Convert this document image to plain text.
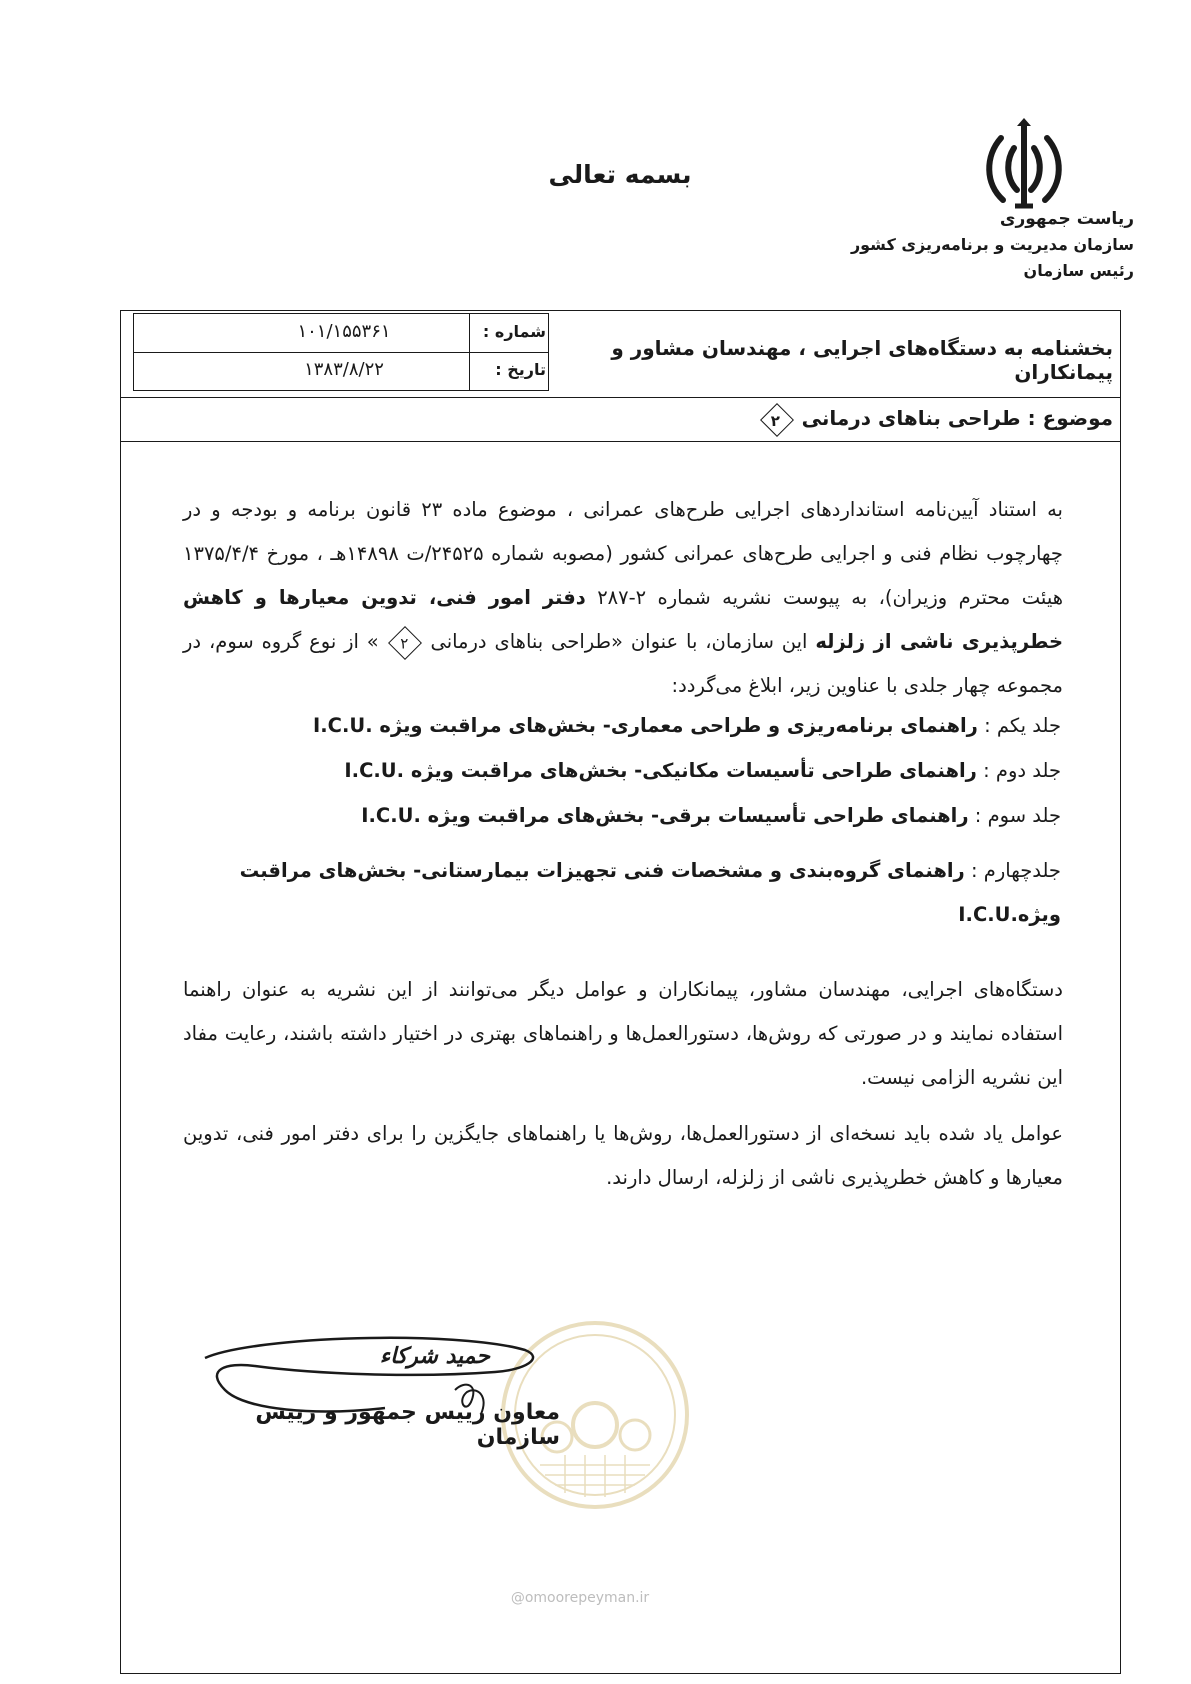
بسمه تعالی
ریاست جمهوری
سازمان مدیریت و برنامه‌ریزی کشور
رئیس سازمان
شماره :
۱۰۱/۱۵۵۳۶۱
تاریخ :
۱۳۸۳/۸/۲۲
بخشنامه به دستگاه‌های اجرایی ، مهندسان مشاور و پیمانکاران
موضوع : طراحی بناهای درمانی ۲

به استناد آیین‌نامه استانداردهای اجرایی طرح‌های عمرانی ، موضوع ماده ۲۳ قانون برنامه و بودجه و در چهارچوب نظام فنی و اجرایی طرح‌های عمرانی کشور (مصوبه شماره ۲۴۵۲۵/ت ۱۴۸۹۸هـ ، مورخ ۱۳۷۵/۴/۴ هیئت محترم وزیران)، به پیوست نشریه شماره ۲-۲۸۷ دفتر امور فنی، تدوین معیارها و کاهش خطرپذیری ناشی از زلزله این سازمان، با عنوان «طراحی بناهای درمانی ۲ » از نوع گروه سوم، در مجموعه چهار جلدی با عناوین زیر، ابلاغ می‌گردد:

جلد یکم : راهنمای برنامه‌ریزی و طراحی معماری- بخش‌های مراقبت ویژه .I.C.U
جلد دوم : راهنمای طراحی تأسیسات مکانیکی- بخش‌های مراقبت ویژه .I.C.U
جلد سوم : راهنمای طراحی تأسیسات برقی- بخش‌های مراقبت ویژه .I.C.U
جلدچهارم : راهنمای گروه‌بندی و مشخصات فنی تجهیزات بیمارستانی- بخش‌های مراقبت ویژه.I.C.U

دستگاه‌های اجرایی، مهندسان مشاور، پیمانکاران و عوامل دیگر می‌توانند از این نشریه به عنوان راهنما استفاده نمایند و در صورتی که روش‌ها، دستورالعمل‌ها و راهنماهای بهتری در اختیار داشته باشند، رعایت مفاد این نشریه الزامی نیست.

عوامل یاد شده باید نسخه‌ای از دستورالعمل‌ها، روش‌ها یا راهنماهای جایگزین را برای دفتر امور فنی، تدوین معیارها و کاهش خطرپذیری ناشی از زلزله، ارسال دارند.

حمید شرکاء
معاون رییس جمهور و رییس سازمان
@omoorepeyman.ir
